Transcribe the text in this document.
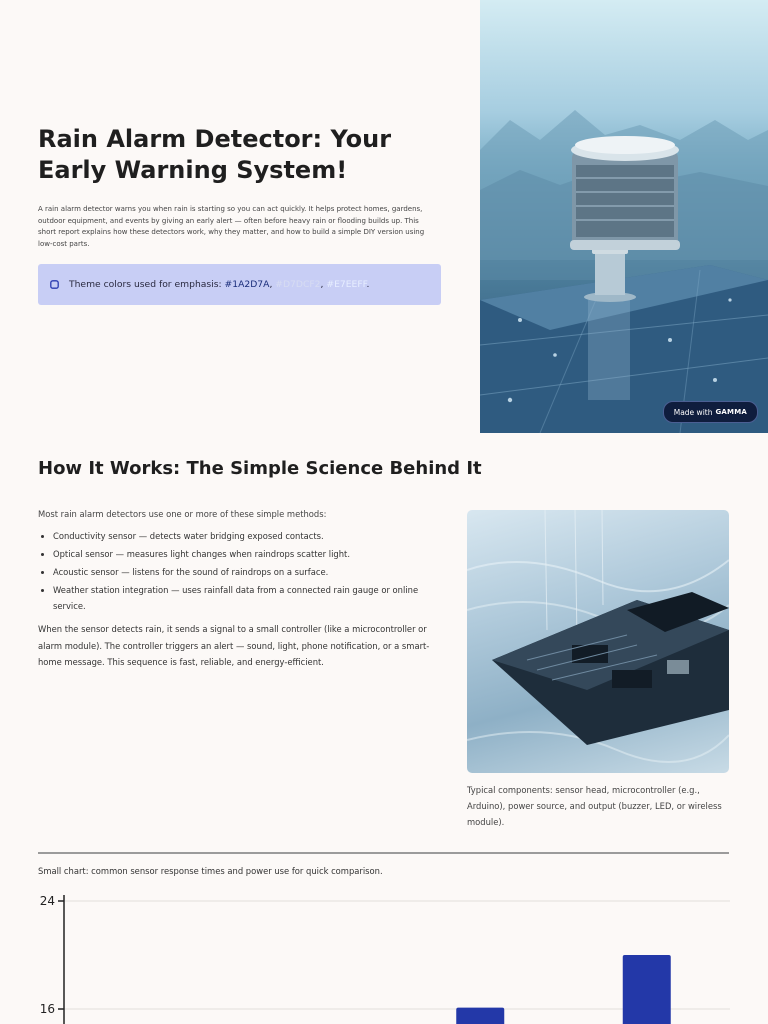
Rain Alarm Detector: Your Early Warning System!

A rain alarm detector warns you when rain is starting so you can act quickly. It helps protect homes, gardens, outdoor equipment, and events by giving an early alert — often before heavy rain or flooding builds up. This short report explains how these detectors work, why they matter, and how to build a simple DIY version using low-cost parts.

Theme colors used for emphasis: #1A2D7A, #D7DCF2, #E7EEFF.
Made with GAMMA
How It Works: The Simple Science Behind It

Most rain alarm detectors use one or more of these simple methods:

• Conductivity sensor — detects water bridging exposed contacts.
• Optical sensor — measures light changes when raindrops scatter light.
• Acoustic sensor — listens for the sound of raindrops on a surface.
• Weather station integration — uses rainfall data from a connected rain gauge or online service.

When the sensor detects rain, it sends a signal to a small controller (like a microcontroller or alarm module). The controller triggers an alert — sound, light, phone notification, or a smart-home message. This sequence is fast, reliable, and energy-efficient.

Typical components: sensor head, microcontroller (e.g., Arduino), power source, and output (buzzer, LED, or wireless module).

Small chart: common sensor response times and power use for quick comparison.

16
24
